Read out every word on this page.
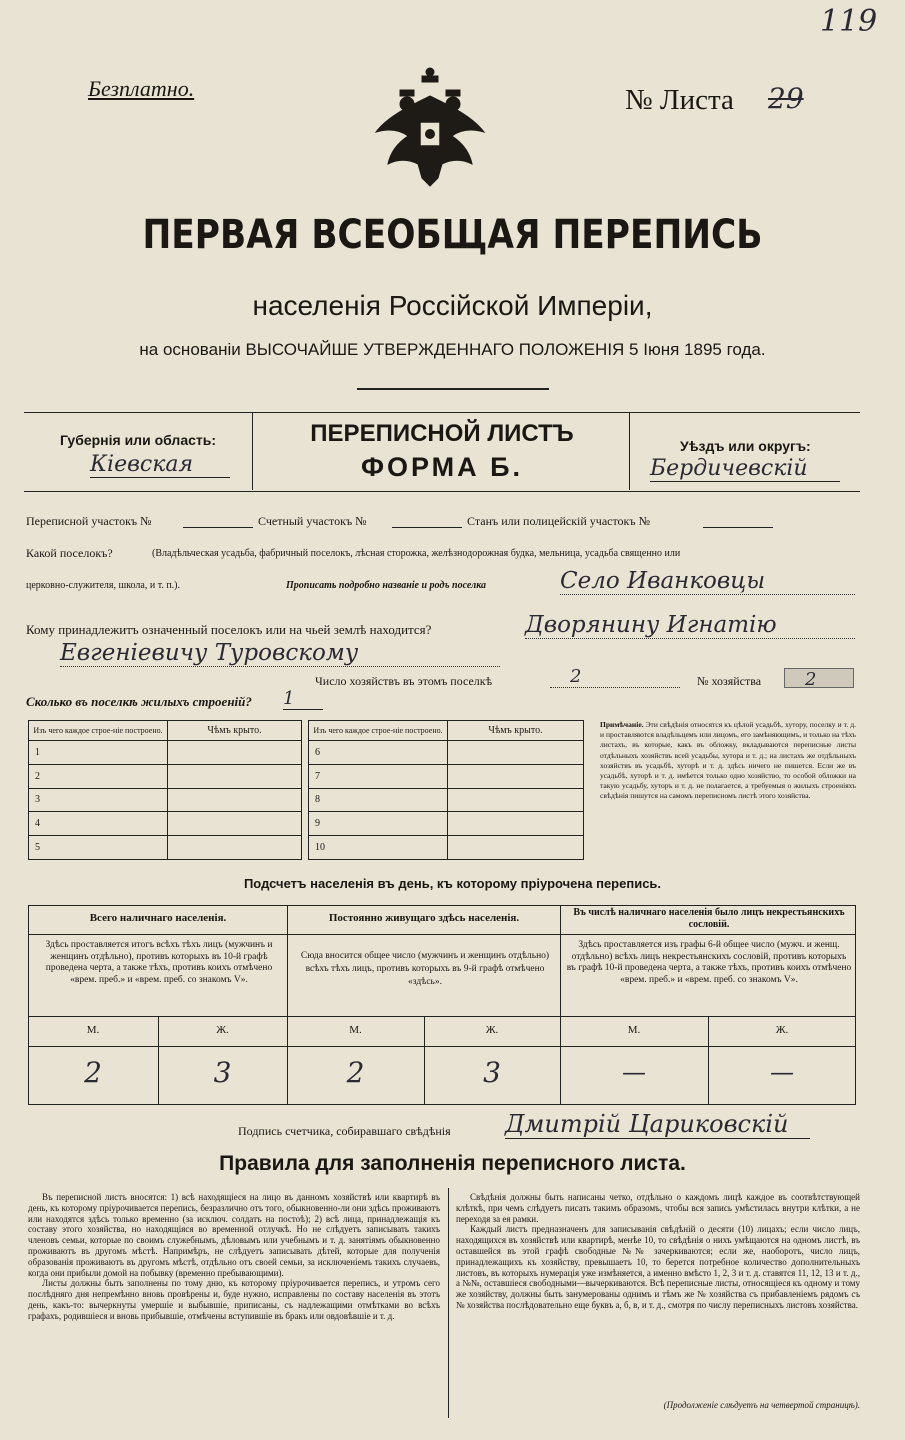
119
Безплатно.	№ Листа 29
ПЕРВАЯ ВСЕОБЩАЯ ПЕРЕПИСЬ
населенія Россійской Имперіи,
на основаніи ВЫСОЧАЙШЕ УТВЕРЖДЕННАГО ПОЛОЖЕНІЯ 5 Іюня 1895 года.
Губернія или область:
Кіевская
ПЕРЕПИСНОЙ ЛИСТЪ
ФОРМА Б.
Уѣздъ или округъ:
Бердичевскій
Переписной участокъ №	Счетный участокъ №	Станъ или полицейскій участокъ №
Какой поселокъ?	(Владѣльческая усадьба, фабричный поселокъ, лѣсная сторожка, желѣзнодорожная будка, мельница, усадьба священно или
церковно-служителя, школа, и т. п.).	Прописать подробно названіе и родъ поселка	Село Иванковцы
Кому принадлежитъ означенный поселокъ или на чьей землѣ находится?	Дворянину Игнатію
Евгеніевичу Туровскому
Число хозяйствъ въ этомъ поселкѣ	2	№ хозяйства	2
Сколько въ поселкѣ жилыхъ строеній? 1
Изъ чего каждое строе-ніе построено.	Чѣмъ крыто.
1	
2	
3	
4	
5	
Изъ чего каждое строе-ніе построено.	Чѣмъ крыто.
6	
7	
8	
9	
10	
Примѣчаніе. Эти свѣдѣнія относятся къ цѣлой усадьбѣ, хутору, поселку и т. д. и проставляются владѣльцемъ или лицомъ, его замѣняющимъ, и только на тѣхъ листахъ, въ которые, какъ въ обложку, вкладываются переписные листы отдѣльныхъ хозяйствъ всей усадьбы, хутора и т. д.; на листахъ же отдѣльныхъ хозяйствъ въ усадьбѣ, хуторѣ и т. д. здѣсь ничего не пишется. Если же въ усадьбѣ, хуторѣ и т. д. имѣется только одно хозяйство, то особой обложки на такую усадьбу, хуторъ и т. д. не полагается, а требуемыя о жилыхъ строеніяхъ свѣдѣнія пишутся на самомъ переписномъ листѣ этого хозяйства.
Подсчетъ населенія въ день, къ которому пріурочена перепись.
Всего наличнаго населенія.	Постоянно живущаго здѣсь населенія.	Въ числѣ наличнаго населенія было лицъ некрестьянскихъ сословій.
Здѣсь проставляется итогъ всѣхъ тѣхъ лицъ (мужчинъ и женщинъ отдѣльно), противъ которыхъ въ 10-й графѣ проведена черта, а также тѣхъ, противъ коихъ отмѣчено «врем. преб.» и «врем. преб. со знакомъ V».
Сюда вносится общее число (мужчинъ и женщинъ отдѣльно) всѣхъ тѣхъ лицъ, противъ которыхъ въ 9-й графѣ отмѣчено «здѣсь».
Здѣсь проставляется изъ графы 6-й общее число (мужч. и женщ. отдѣльно) всѣхъ лицъ некрестьянскихъ сословій, противъ которыхъ въ графѣ 10-й проведена черта, а также тѣхъ, противъ коихъ отмѣчено «врем. преб.» и «врем. преб. со знакомъ V».
М.	Ж.	М.	Ж.	М.	Ж.
2	3	2	3	—	—
Подпись счетчика, собиравшаго свѣдѣнія Дмитрій Цариковскій
Правила для заполненія переписного листа.

Въ переписной листъ вносятся: 1) всѣ находящіеся на лицо въ данномъ хозяйствѣ или квартирѣ въ день, къ которому пріурочивается перепись, безразлично отъ того, обыкновенно-ли они здѣсь проживаютъ или находятся здѣсь только временно (за исключ. солдатъ на постоѣ); 2) всѣ лица, принадлежащія къ составу этого хозяйства, но находящіяся во временной отлучкѣ. Но не слѣдуетъ записывать такихъ членовъ семьи, которые по своимъ служебнымъ, дѣловымъ или учебнымъ и т. д. занятіямъ обыкновенно проживаютъ въ другомъ мѣстѣ. Напримѣръ, не слѣдуетъ записывать дѣтей, которые для полученія образованія проживаютъ въ другомъ мѣстѣ, отдѣльно отъ своей семьи, за исключеніемъ такихъ случаевъ, когда они прибыли домой на побывку (временно пребывающими).

Листы должны быть заполнены по тому дню, къ которому пріурочивается перепись, и утромъ сего послѣдняго дня непремѣнно вновь провѣрены и, буде нужно, исправлены по составу населенія въ этотъ день, какъ-то: вычеркнуты умершіе и выбывшіе, приписаны, съ надлежащими отмѣтками во всѣхъ графахъ, родившіеся и вновь прибывшіе, отмѣчены вступившіе въ бракъ или овдовѣвшіе и т. д.

Свѣдѣнія должны быть написаны четко, отдѣльно о каждомъ лицѣ каждое въ соотвѣтствующей клѣткѣ, при чемъ слѣдуетъ писать такимъ образомъ, чтобы вся запись умѣстилась внутри клѣтки, а не переходя за ея рамки.

Каждый листъ предназначенъ для записыванія свѣдѣній о десяти (10) лицахъ; если число лицъ, находящихся въ хозяйствѣ или квартирѣ, менѣе 10, то свѣдѣнія о нихъ умѣщаются на одномъ листѣ, въ оставшейся въ этой графѣ свободные №№ зачеркиваются; если же, наоборотъ, число лицъ, принадлежащихъ къ хозяйству, превышаетъ 10, то берется потребное количество дополнительныхъ листовъ, въ которыхъ нумерація уже измѣняется, а именно вмѣсто 1, 2, 3 и т. д. ставятся 11, 12, 13 и т. д., а №№, оставшіеся свободными—вычеркиваются. Всѣ переписные листы, относящіеся къ одному и тому же хозяйству, должны быть занумерованы однимъ и тѣмъ же № хозяйства съ прибавленіемъ рядомъ съ № хозяйства послѣдовательно еще буквъ а, б, в, и т. д., смотря по числу переписныхъ листовъ хозяйства.

(Продолженіе слѣдуетъ на четвертой страницѣ).
